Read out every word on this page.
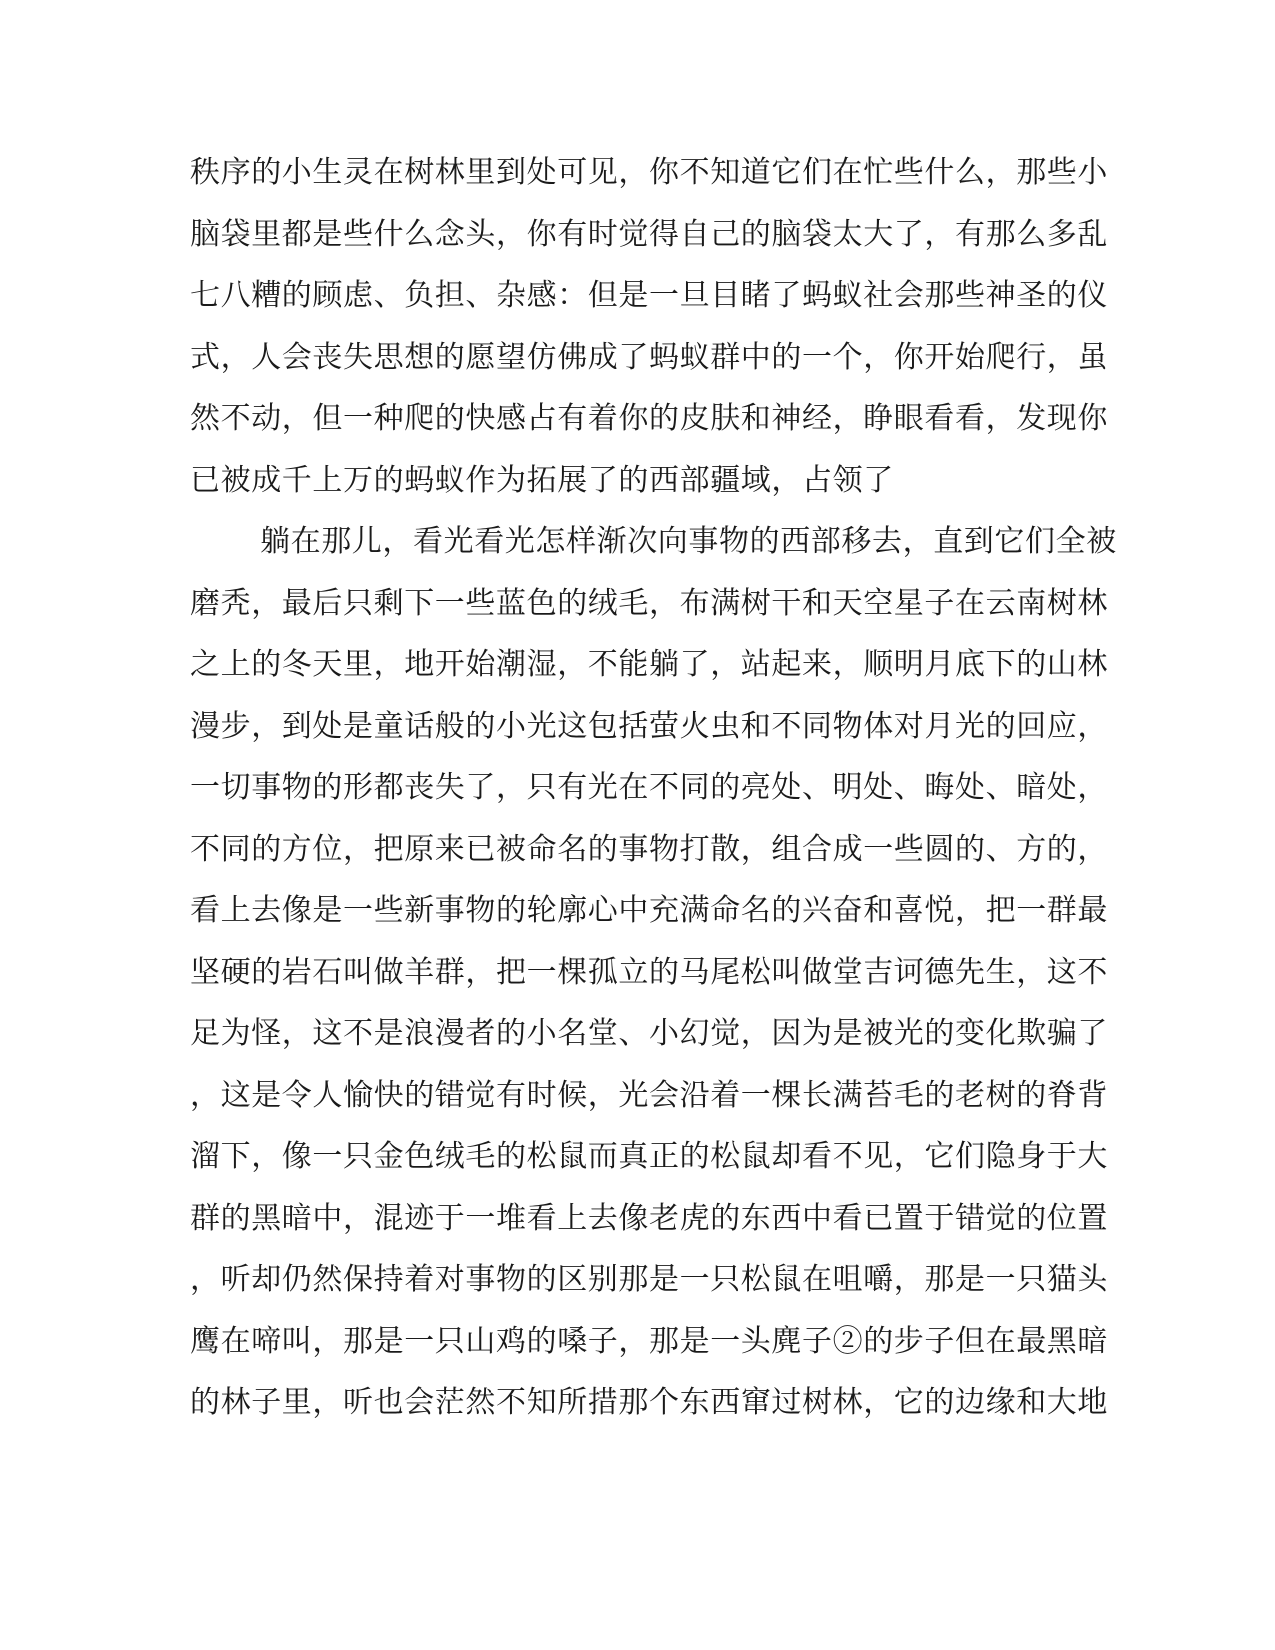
秩序的小生灵在树林里到处可见，你不知道它们在忙些什么，那些小
脑袋里都是些什么念头，你有时觉得自己的脑袋太大了，有那么多乱
七八糟的顾虑、负担、杂感：但是一旦目睹了蚂蚁社会那些神圣的仪
式，人会丧失思想的愿望仿佛成了蚂蚁群中的一个，你开始爬行，虽
然不动，但一种爬的快感占有着你的皮肤和神经，睁眼看看，发现你
已被成千上万的蚂蚁作为拓展了的西部疆域，占领了
躺在那儿，看光看光怎样渐次向事物的西部移去，直到它们全被
磨秃，最后只剩下一些蓝色的绒毛，布满树干和天空星子在云南树林
之上的冬天里，地开始潮湿，不能躺了，站起来，顺明月底下的山林
漫步，到处是童话般的小光这包括萤火虫和不同物体对月光的回应，
一切事物的形都丧失了，只有光在不同的亮处、明处、晦处、暗处，
不同的方位，把原来已被命名的事物打散，组合成一些圆的、方的，
看上去像是一些新事物的轮廓心中充满命名的兴奋和喜悦，把一群最
坚硬的岩石叫做羊群，把一棵孤立的马尾松叫做堂吉诃德先生，这不
足为怪，这不是浪漫者的小名堂、小幻觉，因为是被光的变化欺骗了
，这是令人愉快的错觉有时候，光会沿着一棵长满苔毛的老树的脊背
溜下，像一只金色绒毛的松鼠而真正的松鼠却看不见，它们隐身于大
群的黑暗中，混迹于一堆看上去像老虎的东西中看已置于错觉的位置
，听却仍然保持着对事物的区别那是一只松鼠在咀嚼，那是一只猫头
鹰在啼叫，那是一只山鸡的嗓子，那是一头麂子②的步子但在最黑暗
的林子里，听也会茫然不知所措那个东西窜过树林，它的边缘和大地
